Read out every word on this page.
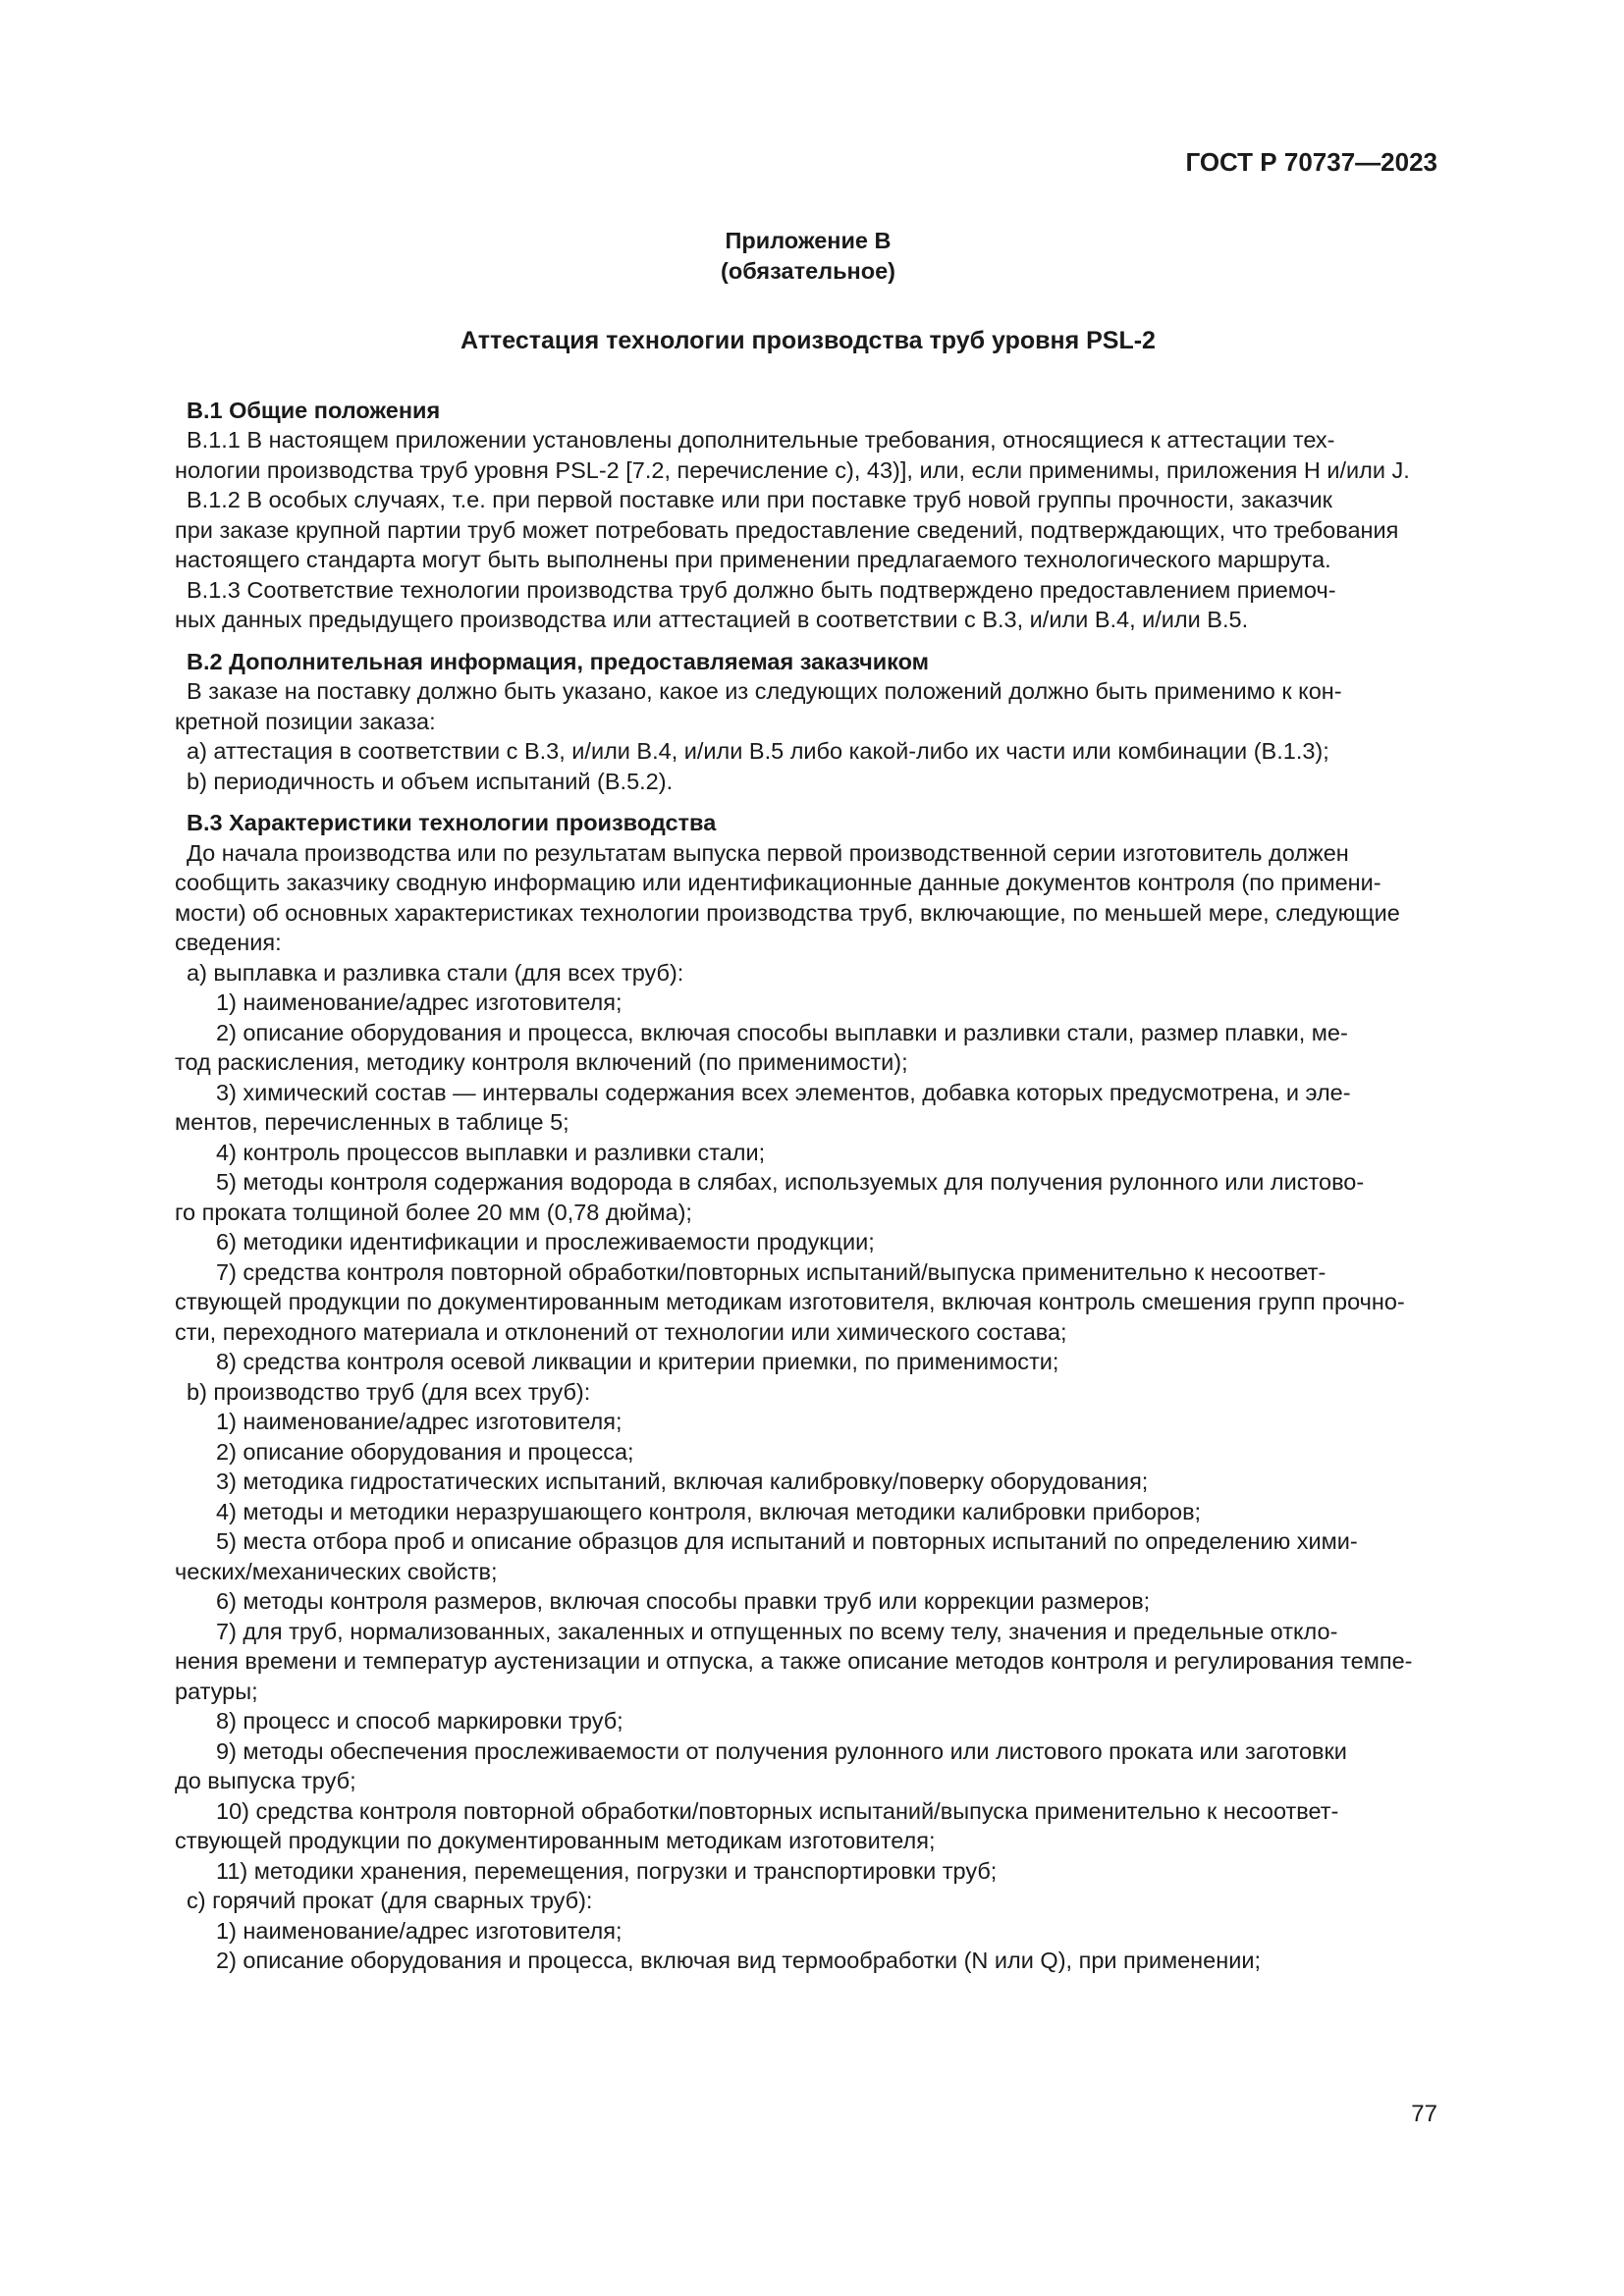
ГОСТ Р 70737—2023
Приложение В
(обязательное)
Аттестация технологии производства труб уровня PSL-2
В.1 Общие положения
В.1.1 В настоящем приложении установлены дополнительные требования, относящиеся к аттестации тех-
нологии производства труб уровня PSL-2 [7.2, перечисление с), 43)], или, если применимы, приложения Н и/или J.
В.1.2 В особых случаях, т.е. при первой поставке или при поставке труб новой группы прочности, заказчик
при заказе крупной партии труб может потребовать предоставление сведений, подтверждающих, что требования
настоящего стандарта могут быть выполнены при применении предлагаемого технологического маршрута.
В.1.3 Соответствие технологии производства труб должно быть подтверждено предоставлением приемоч-
ных данных предыдущего производства или аттестацией в соответствии с В.3, и/или В.4, и/или В.5.
В.2 Дополнительная информация, предоставляемая заказчиком
В заказе на поставку должно быть указано, какое из следующих положений должно быть применимо к кон-
кретной позиции заказа:
a) аттестация в соответствии с В.3, и/или В.4, и/или В.5 либо какой-либо их части или комбинации (В.1.3);
b) периодичность и объем испытаний (В.5.2).
В.3 Характеристики технологии производства
До начала производства или по результатам выпуска первой производственной серии изготовитель должен
сообщить заказчику сводную информацию или идентификационные данные документов контроля (по примени-
мости) об основных характеристиках технологии производства труб, включающие, по меньшей мере, следующие
сведения:
a) выплавка и разливка стали (для всех труб):
1) наименование/адрес изготовителя;
2) описание оборудования и процесса, включая способы выплавки и разливки стали, размер плавки, ме-
тод раскисления, методику контроля включений (по применимости);
3) химический состав — интервалы содержания всех элементов, добавка которых предусмотрена, и эле-
ментов, перечисленных в таблице 5;
4) контроль процессов выплавки и разливки стали;
5) методы контроля содержания водорода в слябах, используемых для получения рулонного или листово-
го проката толщиной более 20 мм (0,78 дюйма);
6) методики идентификации и прослеживаемости продукции;
7) средства контроля повторной обработки/повторных испытаний/выпуска применительно к несоответ-
ствующей продукции по документированным методикам изготовителя, включая контроль смешения групп прочно-
сти, переходного материала и отклонений от технологии или химического состава;
8) средства контроля осевой ликвации и критерии приемки, по применимости;
b) производство труб (для всех труб):
1) наименование/адрес изготовителя;
2) описание оборудования и процесса;
3) методика гидростатических испытаний, включая калибровку/поверку оборудования;
4) методы и методики неразрушающего контроля, включая методики калибровки приборов;
5) места отбора проб и описание образцов для испытаний и повторных испытаний по определению хими-
ческих/механических свойств;
6) методы контроля размеров, включая способы правки труб или коррекции размеров;
7) для труб, нормализованных, закаленных и отпущенных по всему телу, значения и предельные откло-
нения времени и температур аустенизации и отпуска, а также описание методов контроля и регулирования темпе-
ратуры;
8) процесс и способ маркировки труб;
9) методы обеспечения прослеживаемости от получения рулонного или листового проката или заготовки
до выпуска труб;
10) средства контроля повторной обработки/повторных испытаний/выпуска применительно к несоответ-
ствующей продукции по документированным методикам изготовителя;
11) методики хранения, перемещения, погрузки и транспортировки труб;
c) горячий прокат (для сварных труб):
1) наименование/адрес изготовителя;
2) описание оборудования и процесса, включая вид термообработки (N или Q), при применении;
77
